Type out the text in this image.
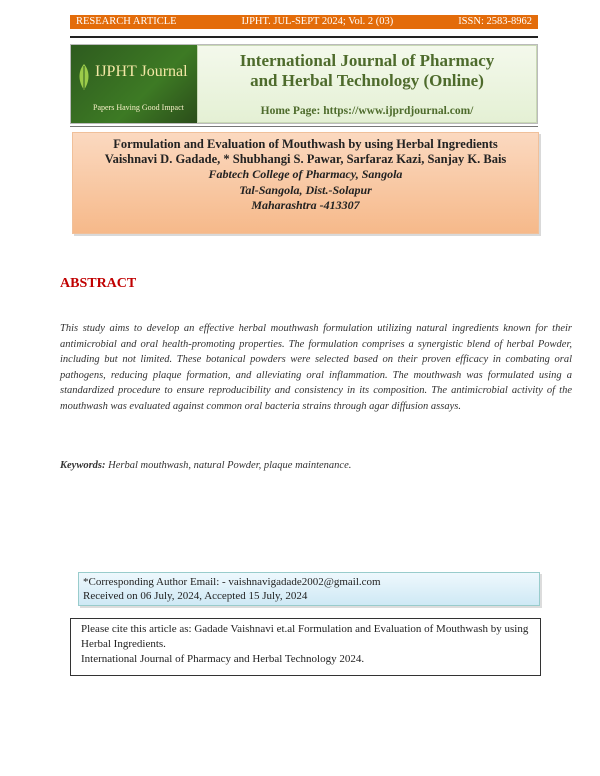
RESEARCH ARTICLE	IJPHT. JUL-SEPT 2024; Vol. 2 (03)	ISSN: 2583-8962
IJPHT Journal
Papers Having Good Impact
International Journal of Pharmacy
and Herbal Technology (Online)
Home Page: https://www.ijprdjournal.com/
Formulation and Evaluation of Mouthwash by using Herbal Ingredients
Vaishnavi D. Gadade, * Shubhangi S. Pawar, Sarfaraz Kazi, Sanjay K. Bais
Fabtech College of Pharmacy, Sangola
Tal-Sangola, Dist.-Solapur
Maharashtra -413307
ABSTRACT
This study aims to develop an effective herbal mouthwash formulation utilizing natural ingredients known for their antimicrobial and oral health-promoting properties. The formulation comprises a synergistic blend of herbal Powder, including but not limited. These botanical powders were selected based on their proven efficacy in combating oral pathogens, reducing plaque formation, and alleviating oral inflammation. The mouthwash was formulated using a standardized procedure to ensure reproducibility and consistency in its composition. The antimicrobial activity of the mouthwash was evaluated against common oral bacteria strains through agar diffusion assays.
Keywords: Herbal mouthwash, natural Powder, plaque maintenance.
*Corresponding Author Email: - vaishnavigadade2002@gmail.com
Received on 06 July, 2024, Accepted 15 July, 2024
Please cite this article as: Gadade Vaishnavi et.al Formulation and Evaluation of Mouthwash by using Herbal Ingredients.
International Journal of Pharmacy and Herbal Technology 2024.
